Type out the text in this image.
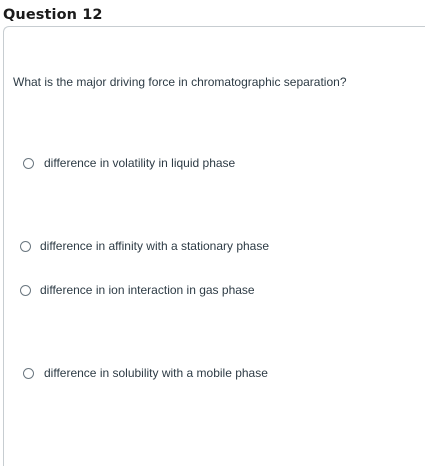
Question 12
What is the major driving force in chromatographic separation?
difference in volatility in liquid phase
difference in affinity with a stationary phase
difference in ion interaction in gas phase
difference in solubility with a mobile phase
